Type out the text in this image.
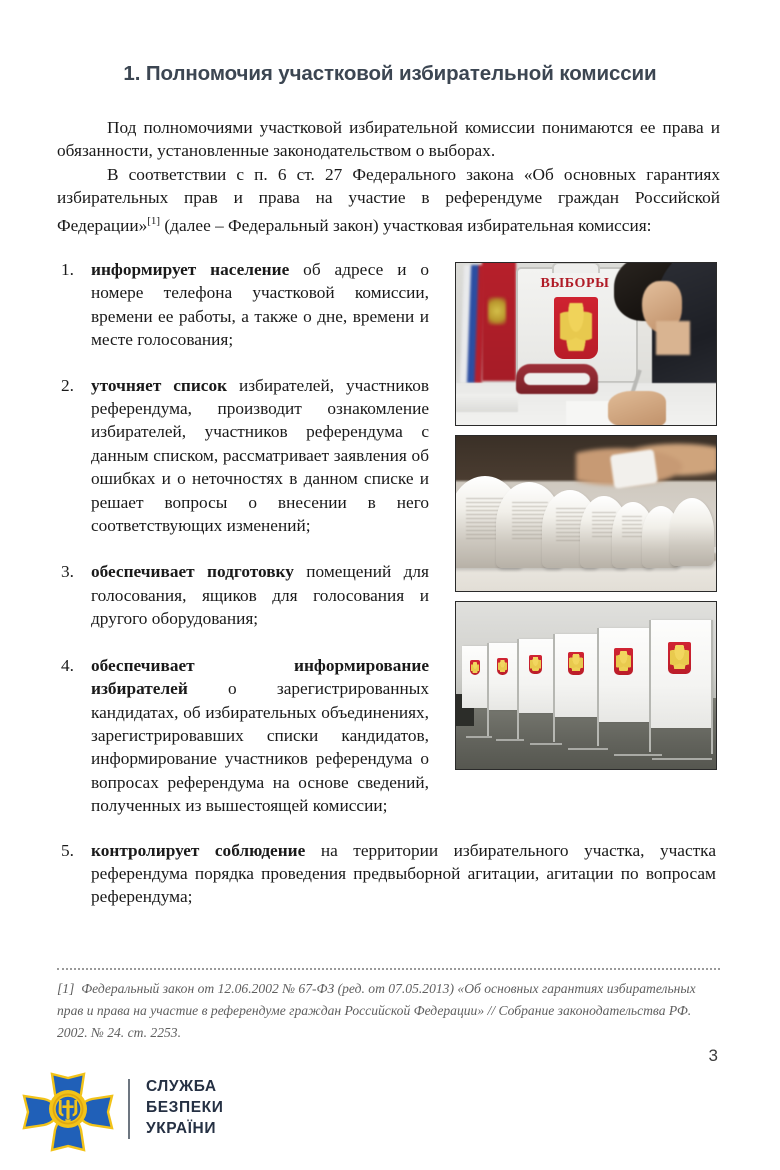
1. Полномочия участковой избирательной комиссии

Под полномочиями участковой избирательной комиссии понимаются ее права и обязанности, установленные законодательством о выборах.

В соответствии с п. 6 ст. 27 Федерального закона «Об основных гарантиях избирательных прав и права на участие в референдуме граждан Российской Федерации»[1] (далее – Федеральный закон) участковая избирательная комиссия:

1. информирует население об адресе и о номере телефона участковой комиссии, времени ее работы, а также о дне, времени и месте голосования;
2. уточняет список избирателей, участников референдума, производит ознакомление избирателей, участников референдума с данным списком, рассматривает заявления об ошибках и о неточностях в данном списке и решает вопросы о внесении в него соответствующих изменений;
3. обеспечивает подготовку помещений для голосования, ящиков для голосования и другого оборудования;
4. обеспечивает информирование избирателей о зарегистрированных кандидатах, об избирательных объединениях, зарегистрировавших списки кандидатов, информирование участников референдума о вопросах референдума на основе сведений, полученных из вышестоящей комиссии;
5. контролирует соблюдение на территории избирательного участка, участка референдума порядка проведения предвыборной агитации, агитации по вопросам референдума;
ВЫБОРЫ
[1] Федеральный закон от 12.06.2002 № 67-ФЗ (ред. от 07.05.2013) «Об основных гарантиях избирательных прав и права на участие в референдуме граждан Российской Федерации» // Собрание законодательства РФ. 2002. № 24. ст. 2253.
3
СЛУЖБА
БЕЗПЕКИ
УКРАЇНИ
